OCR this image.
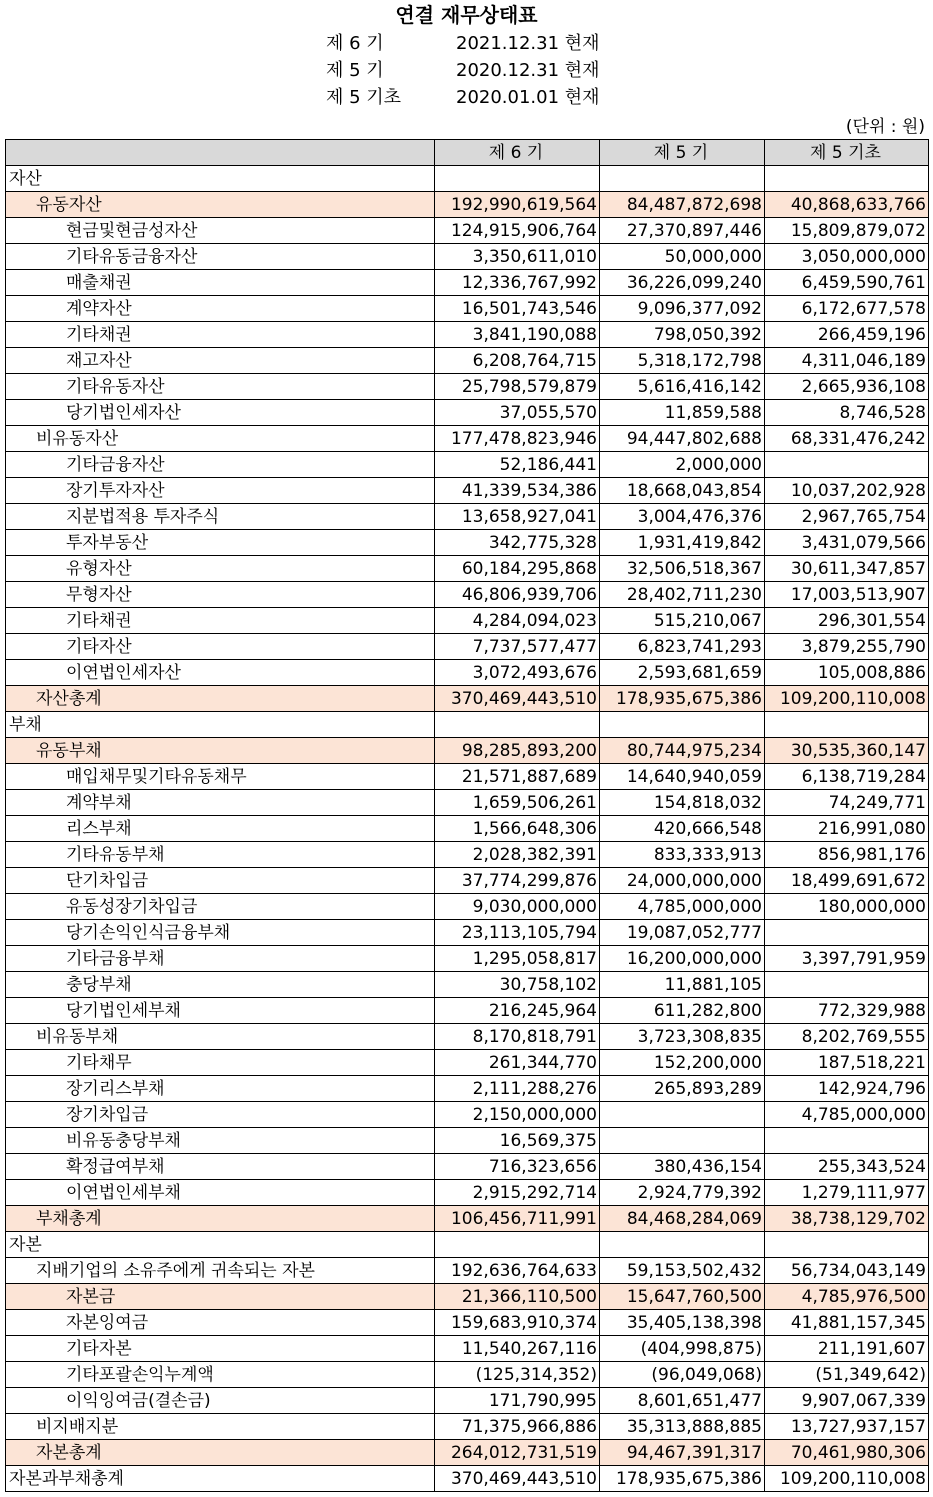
연결 재무상태표
제 6 기	2021.12.31 현재
제 5 기	2020.12.31 현재
제 5 기초	2020.01.01 현재
(단위 : 원)
	제 6 기	제 5 기	제 5 기초
자산			
유동자산	192,990,619,564	84,487,872,698	40,868,633,766
현금및현금성자산	124,915,906,764	27,370,897,446	15,809,879,072
기타유동금융자산	3,350,611,010	50,000,000	3,050,000,000
매출채권	12,336,767,992	36,226,099,240	6,459,590,761
계약자산	16,501,743,546	9,096,377,092	6,172,677,578
기타채권	3,841,190,088	798,050,392	266,459,196
재고자산	6,208,764,715	5,318,172,798	4,311,046,189
기타유동자산	25,798,579,879	5,616,416,142	2,665,936,108
당기법인세자산	37,055,570	11,859,588	8,746,528
비유동자산	177,478,823,946	94,447,802,688	68,331,476,242
기타금융자산	52,186,441	2,000,000	
장기투자자산	41,339,534,386	18,668,043,854	10,037,202,928
지분법적용 투자주식	13,658,927,041	3,004,476,376	2,967,765,754
투자부동산	342,775,328	1,931,419,842	3,431,079,566
유형자산	60,184,295,868	32,506,518,367	30,611,347,857
무형자산	46,806,939,706	28,402,711,230	17,003,513,907
기타채권	4,284,094,023	515,210,067	296,301,554
기타자산	7,737,577,477	6,823,741,293	3,879,255,790
이연법인세자산	3,072,493,676	2,593,681,659	105,008,886
자산총계	370,469,443,510	178,935,675,386	109,200,110,008
부채			
유동부채	98,285,893,200	80,744,975,234	30,535,360,147
매입채무및기타유동채무	21,571,887,689	14,640,940,059	6,138,719,284
계약부채	1,659,506,261	154,818,032	74,249,771
리스부채	1,566,648,306	420,666,548	216,991,080
기타유동부채	2,028,382,391	833,333,913	856,981,176
단기차입금	37,774,299,876	24,000,000,000	18,499,691,672
유동성장기차입금	9,030,000,000	4,785,000,000	180,000,000
당기손익인식금융부채	23,113,105,794	19,087,052,777	
기타금융부채	1,295,058,817	16,200,000,000	3,397,791,959
충당부채	30,758,102	11,881,105	
당기법인세부채	216,245,964	611,282,800	772,329,988
비유동부채	8,170,818,791	3,723,308,835	8,202,769,555
기타채무	261,344,770	152,200,000	187,518,221
장기리스부채	2,111,288,276	265,893,289	142,924,796
장기차입금	2,150,000,000		4,785,000,000
비유동충당부채	16,569,375		
확정급여부채	716,323,656	380,436,154	255,343,524
이연법인세부채	2,915,292,714	2,924,779,392	1,279,111,977
부채총계	106,456,711,991	84,468,284,069	38,738,129,702
자본			
지배기업의 소유주에게 귀속되는 자본	192,636,764,633	59,153,502,432	56,734,043,149
자본금	21,366,110,500	15,647,760,500	4,785,976,500
자본잉여금	159,683,910,374	35,405,138,398	41,881,157,345
기타자본	11,540,267,116	(404,998,875)	211,191,607
기타포괄손익누계액	(125,314,352)	(96,049,068)	(51,349,642)
이익잉여금(결손금)	171,790,995	8,601,651,477	9,907,067,339
비지배지분	71,375,966,886	35,313,888,885	13,727,937,157
자본총계	264,012,731,519	94,467,391,317	70,461,980,306
자본과부채총계	370,469,443,510	178,935,675,386	109,200,110,008
